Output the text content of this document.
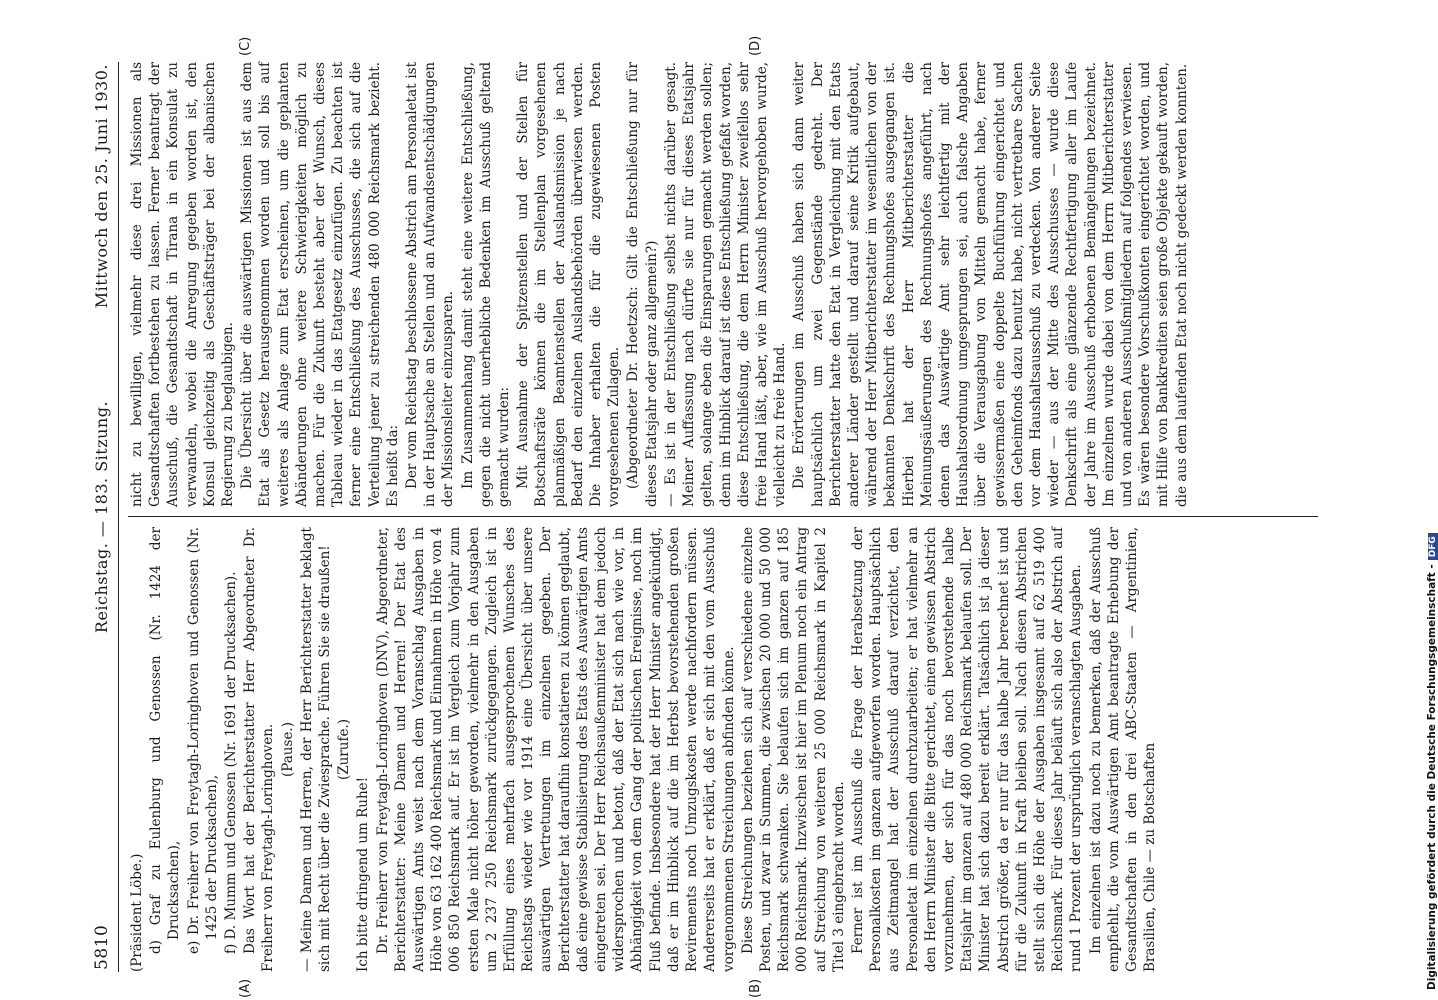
5810
Reichstag. — 183. Sitzung.
Mittwoch den 25. Juni 1930.

(Präsident Löbe.) d) Graf zu Eulenburg und Genossen (Nr. 1424 der Drucksachen), e) Dr. Freiherr von Freytagh-Loringhoven und Genossen (Nr. 1425 der Drucksachen), f) D. Mumm und Genossen (Nr. 1691 der Drucksachen). Das Wort hat der Berichterstatter Herr Abgeordneter Dr. Freiherr von Freytagh-Loringhoven. (Pause.) — Meine Damen und Herren, der Herr Berichterstatter beklagt sich mit Recht über die Zwiesprache. Führen Sie sie draußen! (Zurufe.)

Ich bitte dringend um Ruhe! Dr. Freiherr von Freytagh-Loringhoven (DNV), Abgeordneter, Berichterstatter: Meine Damen und Herren! Der Etat des Auswärtigen Amts weist nach dem Voranschlag Ausgaben in Höhe von 63 162 400 Reichsmark und Einnahmen in Höhe von 4 006 850 Reichsmark auf. Er ist im Vergleich zum Vorjahr zum ersten Male nicht höher geworden, vielmehr in den Ausgaben um 2 237 250 Reichsmark zurückgegangen. Zugleich ist in Erfüllung eines mehrfach ausgesprochenen Wunsches des Reichstags wieder wie vor 1914 eine Übersicht über unsere auswärtigen Vertretungen im einzelnen gegeben. Der Berichterstatter hat daraufhin konstatieren zu können geglaubt, daß eine gewisse Stabilisierung des Etats des Auswärtigen Amts eingetreten sei. Der Herr Reichsaußenminister hat dem jedoch widersprochen und betont, daß der Etat sich nach wie vor, in Abhängigkeit von dem Gang der politischen Ereignisse, noch im Fluß befinde. Insbesondere hat der Herr Minister angekündigt, daß er im Hinblick auf die im Herbst bevorstehenden großen Revirements noch Umzugskosten werde nachfordern müssen. Andererseits hat er erklärt, daß er sich mit den vom Ausschuß vorgenommenen Streichungen abfinden könne. Diese Streichungen beziehen sich auf verschiedene einzelne Posten, und zwar in Summen, die zwischen 20 000 und 50 000 Reichsmark schwanken. Sie belaufen sich im ganzen auf 185 000 Reichsmark. Inzwischen ist hier im Plenum noch ein Antrag auf Streichung von weiteren 25 000 Reichsmark in Kapitel 2 Titel 3 eingebracht worden. Ferner ist im Ausschuß die Frage der Herabsetzung der Personalkosten im ganzen aufgeworfen worden. Hauptsächlich aus Zeitmangel hat der Ausschuß darauf verzichtet, den Personaletat im einzelnen durchzuarbeiten; er hat vielmehr an den Herrn Minister die Bitte gerichtet, einen gewissen Abstrich vorzunehmen, der sich für das noch bevorstehende halbe Etatsjahr im ganzen auf 480 000 Reichsmark belaufen soll. Der Minister hat sich dazu bereit erklärt. Tatsächlich ist ja dieser Abstrich größer, da er nur für das halbe Jahr berechnet ist und für die Zukunft in Kraft bleiben soll. Nach diesen Abstrichen stellt sich die Höhe der Ausgaben insgesamt auf 62 519 400 Reichsmark. Für dieses Jahr beläuft sich also der Abstrich auf rund 1 Prozent der ursprünglich veranschlagten Ausgaben. Im einzelnen ist dazu noch zu bemerken, daß der Ausschuß empfiehlt, die vom Auswärtigen Amt beantragte Erhebung der Gesandtschaften in den drei ABC-Staaten — Argentinien, Brasilien, Chile — zu Botschaften

nicht zu bewilligen, vielmehr diese drei Missionen als Gesandtschaften fortbestehen zu lassen. Ferner beantragt der Ausschuß, die Gesandtschaft in Tirana in ein Konsulat zu verwandeln, wobei die Anregung gegeben worden ist, den Konsul gleichzeitig als Geschäftsträger bei der albanischen Regierung zu beglaubigen. Die Übersicht über die auswärtigen Missionen ist aus dem Etat als Gesetz herausgenommen worden und soll bis auf weiteres als Anlage zum Etat erscheinen, um die geplanten Abänderungen ohne weitere Schwierigkeiten möglich zu machen. Für die Zukunft besteht aber der Wunsch, dieses Tableau wieder in das Etatgesetz einzufügen. Zu beachten ist ferner eine Entschließung des Ausschusses, die sich auf die Verteilung jener zu streichenden 480 000 Reichsmark bezieht. Es heißt da: Der vom Reichstag beschlossene Abstrich am Personaletat ist in der Hauptsache an Stellen und an Aufwandsentschädigungen der Missionsleiter einzusparen. Im Zusammenhang damit steht eine weitere Entschließung, gegen die nicht unerhebliche Bedenken im Ausschuß geltend gemacht wurden: Mit Ausnahme der Spitzenstellen und der Stellen für Botschaftsräte können die im Stellenplan vorgesehenen planmäßigen Beamtenstellen der Auslandsmission je nach Bedarf den einzelnen Auslandsbehörden überwiesen werden. Die Inhaber erhalten die für die zugewiesenen Posten vorgesehenen Zulagen. (Abgeordneter Dr. Hoetzsch: Gilt die Entschließung nur für dieses Etatsjahr oder ganz allgemein?) — Es ist in der Entschließung selbst nichts darüber gesagt. Meiner Auffassung nach dürfte sie nur für dieses Etatsjahr gelten, solange eben die Einsparungen gemacht werden sollen; denn im Hinblick darauf ist diese Entschließung gefaßt worden, diese Entschließung, die dem Herrn Minister zweifellos sehr freie Hand läßt, aber, wie im Ausschuß hervorgehoben wurde, vielleicht zu freie Hand. Die Erörterungen im Ausschuß haben sich dann weiter hauptsächlich um zwei Gegenstände gedreht. Der Berichterstatter hatte den Etat in Vergleichung mit den Etats anderer Länder gestellt und darauf seine Kritik aufgebaut, während der Herr Mitberichterstatter im wesentlichen von der bekannten Denkschrift des Rechnungshofes ausgegangen ist. Hierbei hat der Herr Mitberichterstatter die Meinungsäußerungen des Rechnungshofes angeführt, nach denen das Auswärtige Amt sehr leichtfertig mit der Haushaltsordnung umgesprungen sei, auch falsche Angaben über die Verausgabung von Mitteln gemacht habe, ferner gewissermaßen eine doppelte Buchführung eingerichtet und den Geheimfonds dazu benutzt habe, nicht vertretbare Sachen vor dem Haushaltsausschuß zu verdecken. Von anderer Seite wieder — aus der Mitte des Ausschusses — wurde diese Denkschrift als eine glänzende Rechtfertigung aller im Laufe der Jahre im Ausschuß erhobenen Bemängelungen bezeichnet. Im einzelnen wurde dabei von dem Herrn Mitberichterstatter und von anderen Ausschußmitgliedern auf folgendes verwiesen. Es wären besondere Vorschußkonten eingerichtet worden, und mit Hilfe von Bankkrediten seien große Objekte gekauft worden, die aus dem laufenden Etat noch nicht gedeckt werden konnten.

(A)	(B)
(C)	(D)
Digitalisierung gefördert durch die Deutsche Forschungsgemeinschaft -DFG
